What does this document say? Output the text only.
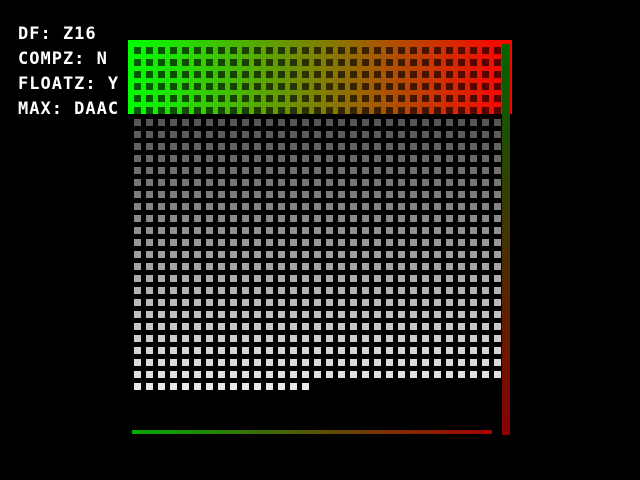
DF: Z16
COMPZ: N
FLOATZ: Y
MAX: DAAC
